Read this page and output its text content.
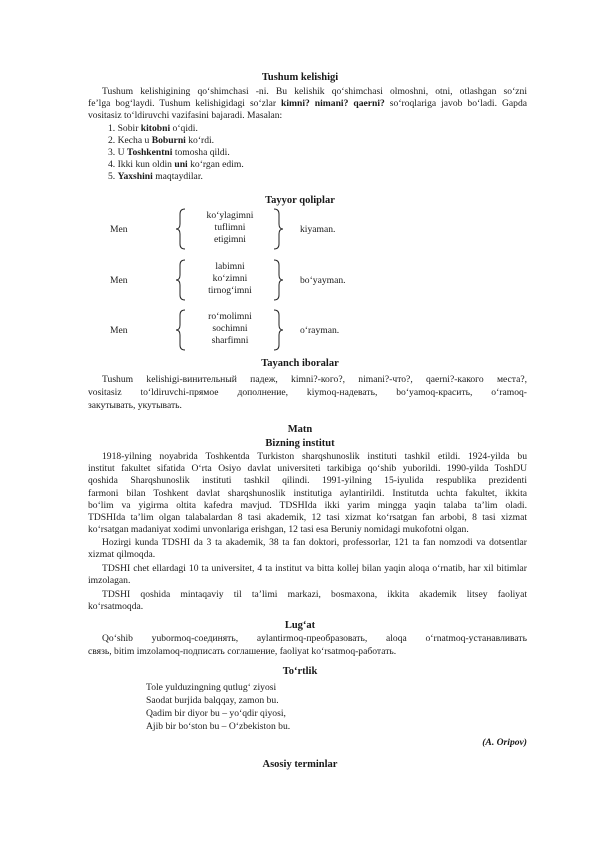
Tushum kelishigi
Tushum kelishigining qo‘shimchasi -ni. Bu kelishik qo‘shimchasi olmoshni, otni, otlashgan so‘zni
fe’lga bog‘laydi. Tushum kelishigidagi so‘zlar kimni? nimani? qaerni? so‘roqlariga javob bo‘ladi. Gapda
vositasiz to‘ldiruvchi vazifasini bajaradi. Masalan:
1. Sobir kitobni o‘qidi.
2. Kecha u Boburni ko‘rdi.
3. U Toshkentni tomosha qildi.
4. Ikki kun oldin uni ko‘rgan edim.
5. Yaxshini maqtaydilar.
Tayyor qoliplar
Men
ko‘ylagimni
tuflimni
etigimni
kiyaman.
Men
labimni
ko‘zimni
tirnog‘imni
bo‘yayman.
Men
ro‘molimni
sochimni
sharfimni
o‘rayman.
Tayanch iboralar
Tushum kelishigi-винительный падеж, kimni?-кого?, nimani?-что?, qaerni?-какого места?,
vositasiz to‘ldiruvchi-прямое дополнение, kiymoq-надевать, bo‘yamoq-красить, o‘ramoq-
закутывать, укутывать.
Matn
Bizning institut
1918-yilning noyabrida Toshkentda Turkiston sharqshunoslik instituti tashkil etildi. 1924-yilda bu
institut fakultet sifatida O‘rta Osiyo davlat universiteti tarkibiga qo‘shib yuborildi. 1990-yilda ToshDU
qoshida Sharqshunoslik instituti tashkil qilindi. 1991-yilning 15-iyulida respublika prezidenti
farmoni bilan Toshkent davlat sharqshunoslik institutiga aylantirildi. Institutda uchta fakultet, ikkita
bo‘lim va yigirma oltita kafedra mavjud. TDSHIda ikki yarim mingga yaqin talaba ta’lim oladi.
TDSHIda ta’lim olgan talabalardan 8 tasi akademik, 12 tasi xizmat ko‘rsatgan fan arbobi, 8 tasi xizmat
ko‘rsatgan madaniyat xodimi unvonlariga erishgan, 12 tasi esa Beruniy nomidagi mukofotni olgan.
Hozirgi kunda TDSHI da 3 ta akademik, 38 ta fan doktori, professorlar, 121 ta fan nomzodi va dotsentlar
xizmat qilmoqda.
TDSHI chet ellardagi 10 ta universitet, 4 ta institut va bitta kollej bilan yaqin aloqa o‘rnatib, har xil bitimlar
imzolagan.
TDSHI qoshida mintaqaviy til ta’limi markazi, bosmaxona, ikkita akademik litsey faoliyat
ko‘rsatmoqda.
Lug‘at
Qo‘shib yubormoq-соединять, aylantirmoq-преобразовать, aloqa o‘rnatmoq-устанавливать
связь, bitim imzolamoq-подписать соглашение, faoliyat ko‘rsatmoq-работать.
To‘rtlik
Tole yulduzingning qutlug‘ ziyosi
Saodat burjida balqqay, zamon bu.
Qadim bir diyor bu – yo‘qdir qiyosi,
Ajib bir bo‘ston bu – O‘zbekiston bu.
(A. Oripov)
Asosiy terminlar
